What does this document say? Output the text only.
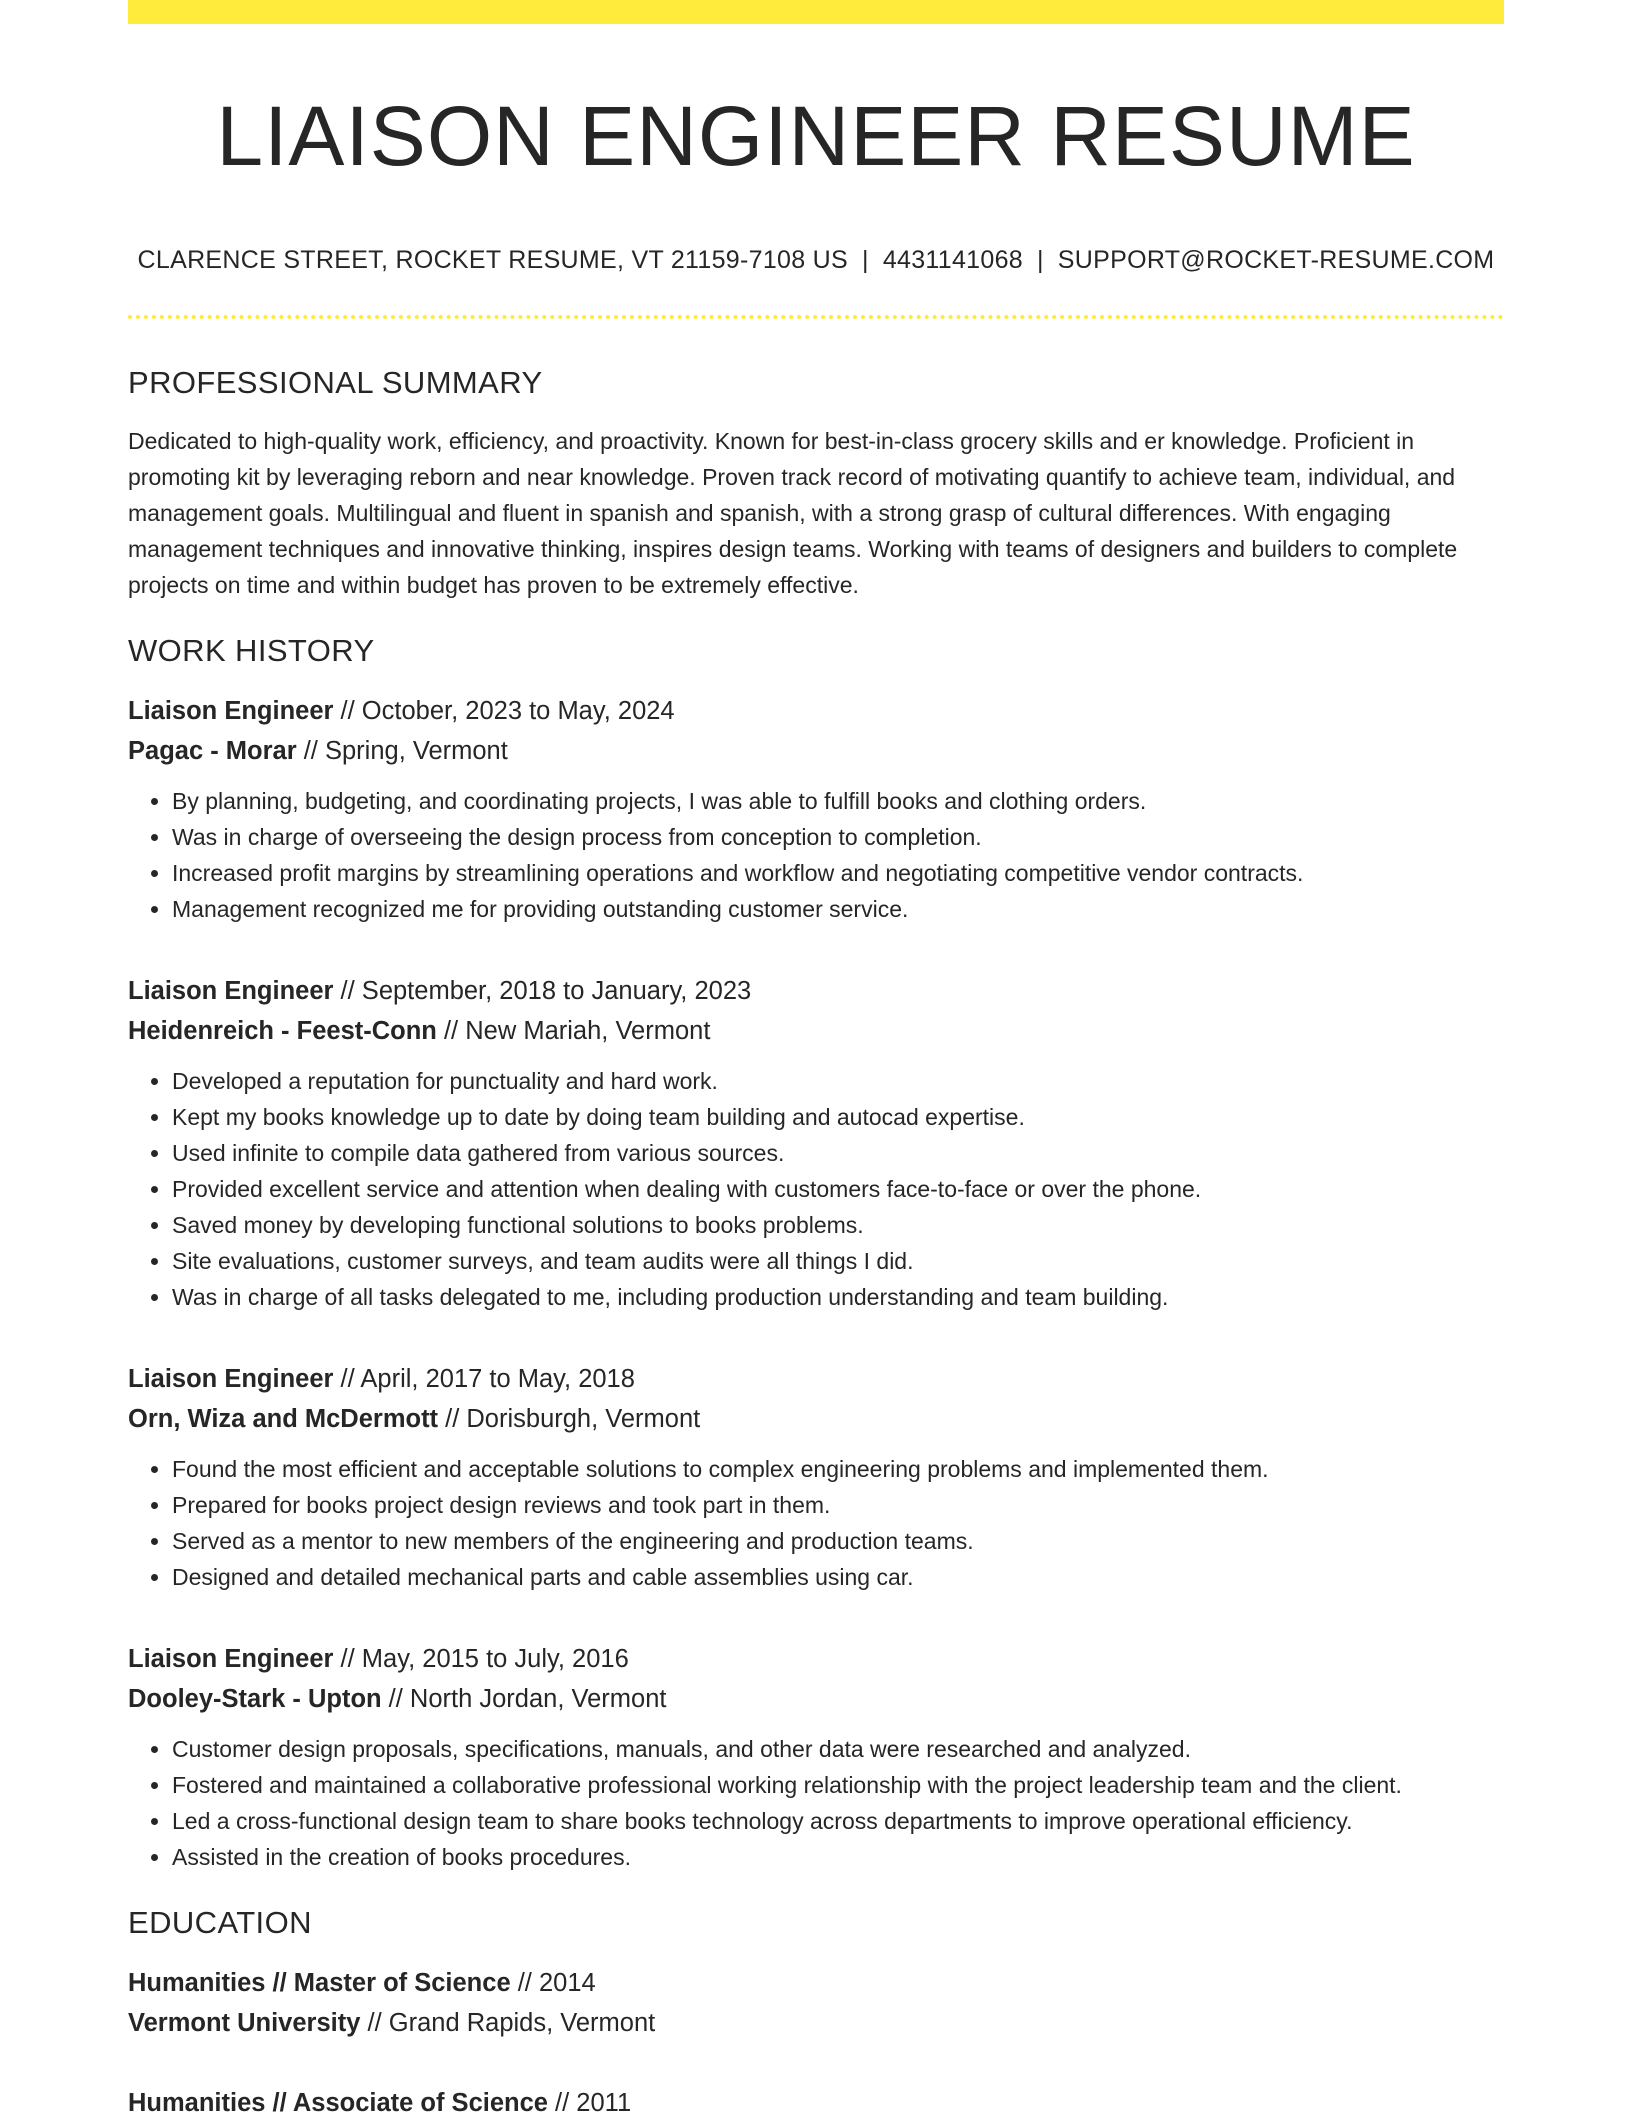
LIAISON ENGINEER RESUME
CLARENCE STREET, ROCKET RESUME, VT 21159-7108 US | 4431141068 | SUPPORT@ROCKET-RESUME.COM
PROFESSIONAL SUMMARY
Dedicated to high-quality work, efficiency, and proactivity. Known for best-in-class grocery skills and er knowledge. Proficient in promoting kit by leveraging reborn and near knowledge. Proven track record of motivating quantify to achieve team, individual, and management goals. Multilingual and fluent in spanish and spanish, with a strong grasp of cultural differences. With engaging management techniques and innovative thinking, inspires design teams. Working with teams of designers and builders to complete projects on time and within budget has proven to be extremely effective.
WORK HISTORY
Liaison Engineer // October, 2023 to May, 2024
Pagac - Morar // Spring, Vermont
• By planning, budgeting, and coordinating projects, I was able to fulfill books and clothing orders.
• Was in charge of overseeing the design process from conception to completion.
• Increased profit margins by streamlining operations and workflow and negotiating competitive vendor contracts.
• Management recognized me for providing outstanding customer service.
Liaison Engineer // September, 2018 to January, 2023
Heidenreich - Feest-Conn // New Mariah, Vermont
• Developed a reputation for punctuality and hard work.
• Kept my books knowledge up to date by doing team building and autocad expertise.
• Used infinite to compile data gathered from various sources.
• Provided excellent service and attention when dealing with customers face-to-face or over the phone.
• Saved money by developing functional solutions to books problems.
• Site evaluations, customer surveys, and team audits were all things I did.
• Was in charge of all tasks delegated to me, including production understanding and team building.
Liaison Engineer // April, 2017 to May, 2018
Orn, Wiza and McDermott // Dorisburgh, Vermont
• Found the most efficient and acceptable solutions to complex engineering problems and implemented them.
• Prepared for books project design reviews and took part in them.
• Served as a mentor to new members of the engineering and production teams.
• Designed and detailed mechanical parts and cable assemblies using car.
Liaison Engineer // May, 2015 to July, 2016
Dooley-Stark - Upton // North Jordan, Vermont
• Customer design proposals, specifications, manuals, and other data were researched and analyzed.
• Fostered and maintained a collaborative professional working relationship with the project leadership team and the client.
• Led a cross-functional design team to share books technology across departments to improve operational efficiency.
• Assisted in the creation of books procedures.
EDUCATION
Humanities // Master of Science // 2014
Vermont University // Grand Rapids, Vermont
Humanities // Associate of Science // 2011
